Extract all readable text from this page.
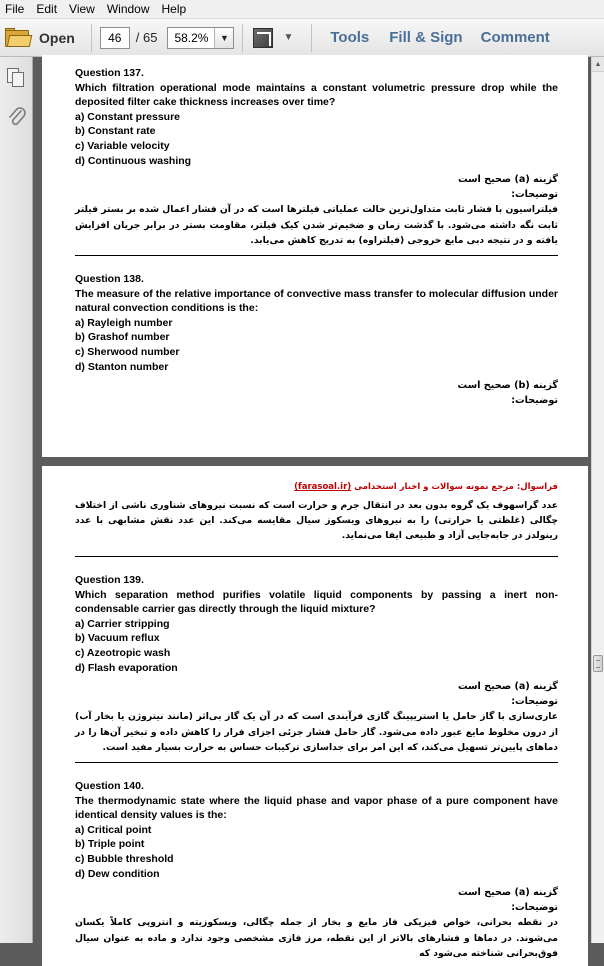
File	Edit	View	Window	Help
Open	46	/ 65	58.2%	▼	▼ Tools Fill & Sign Comment
Question 137.
Which filtration operational mode maintains a constant volumetric pressure drop while the deposited filter cake thickness increases over time?
a) Constant pressure
b) Constant rate
c) Variable velocity
d) Continuous washing
گزینه (a) صحیح است
توضیحات:
فیلتراسیون با فشار ثابت متداول‌ترین حالت عملیاتی فیلترها است که در آن فشار اعمال شده بر بستر فیلتر ثابت نگه داشته می‌شود. با گذشت زمان و ضخیم‌تر شدن کیک فیلتر، مقاومت بستر در برابر جریان افزایش یافته و در نتیجه دبی مایع خروجی (فیلتراوه) به تدریج کاهش می‌یابد.
Question 138.
The measure of the relative importance of convective mass transfer to molecular diffusion under natural convection conditions is the:
a) Rayleigh number
b) Grashof number
c) Sherwood number
d) Stanton number
گزینه (b) صحیح است
توضیحات:
فراسوال: مرجع نمونه سوالات و اخبار استخدامی (farasoal.ir)
عدد گراسهوف یک گروه بدون بعد در انتقال جرم و حرارت است که نسبت نیروهای شناوری ناشی از اختلاف چگالی (غلظتی یا حرارتی) را به نیروهای ویسکوز سیال مقایسه می‌کند. این عدد نقش مشابهی با عدد رینولدز در جابه‌جایی آزاد و طبیعی ایفا می‌نماید.
Question 139.
Which separation method purifies volatile liquid components by passing a inert non-condensable carrier gas directly through the liquid mixture?
a) Carrier stripping
b) Vacuum reflux
c) Azeotropic wash
d) Flash evaporation
گزینه (a) صحیح است
توضیحات:
عاری‌سازی با گاز حامل یا استریپینگ گازی فرآیندی است که در آن یک گاز بی‌اثر (مانند نیتروژن یا بخار آب) از درون مخلوط مایع عبور داده می‌شود. گاز حامل فشار جزئی اجزای فرار را کاهش داده و تبخیر آن‌ها را در دماهای پایین‌تر تسهیل می‌کند، که این امر برای جداسازی ترکیبات حساس به حرارت بسیار مفید است.
Question 140.
The thermodynamic state where the liquid phase and vapor phase of a pure component have identical density values is the:
a) Critical point
b) Triple point
c) Bubble threshold
d) Dew condition
گزینه (a) صحیح است
توضیحات:
در نقطه بحرانی، خواص فیزیکی فاز مایع و بخار از جمله چگالی، ویسکوزیته و انتروپی کاملاً یکسان می‌شوند. در دماها و فشارهای بالاتر از این نقطه، مرز فازی مشخصی وجود ندارد و ماده به عنوان سیال فوق‌بحرانی شناخته می‌شود که
▲
